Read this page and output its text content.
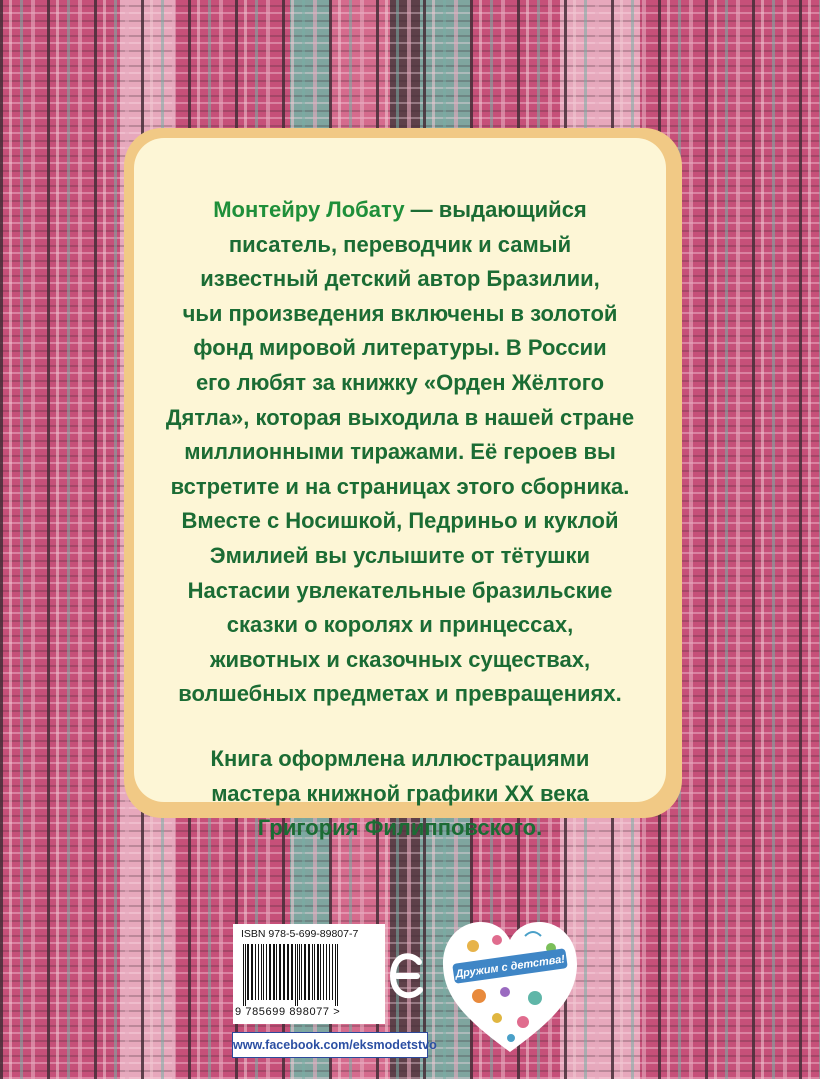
Монтейру Лобату — выдающийся
писатель, переводчик и самый
известный детский автор Бразилии,
чьи произведения включены в золотой
фонд мировой литературы. В России
его любят за книжку «Орден Жёлтого
Дятла», которая выходила в нашей стране
миллионными тиражами. Её героев вы
встретите и на страницах этого сборника.
Вместе с Носишкой, Педриньо и куклой
Эмилией вы услышите от тётушки
Настасии увлекательные бразильские
сказки о королях и принцессах,
животных и сказочных существах,
волшебных предметах и превращениях.
Книга оформлена иллюстрациями
мастера книжной графики XX века
Григория Филипповского.
ISBN 978-5-699-89807-7
9 785699 898077 >
www.facebook.com/eksmodetstvo
Дружим с детства!
